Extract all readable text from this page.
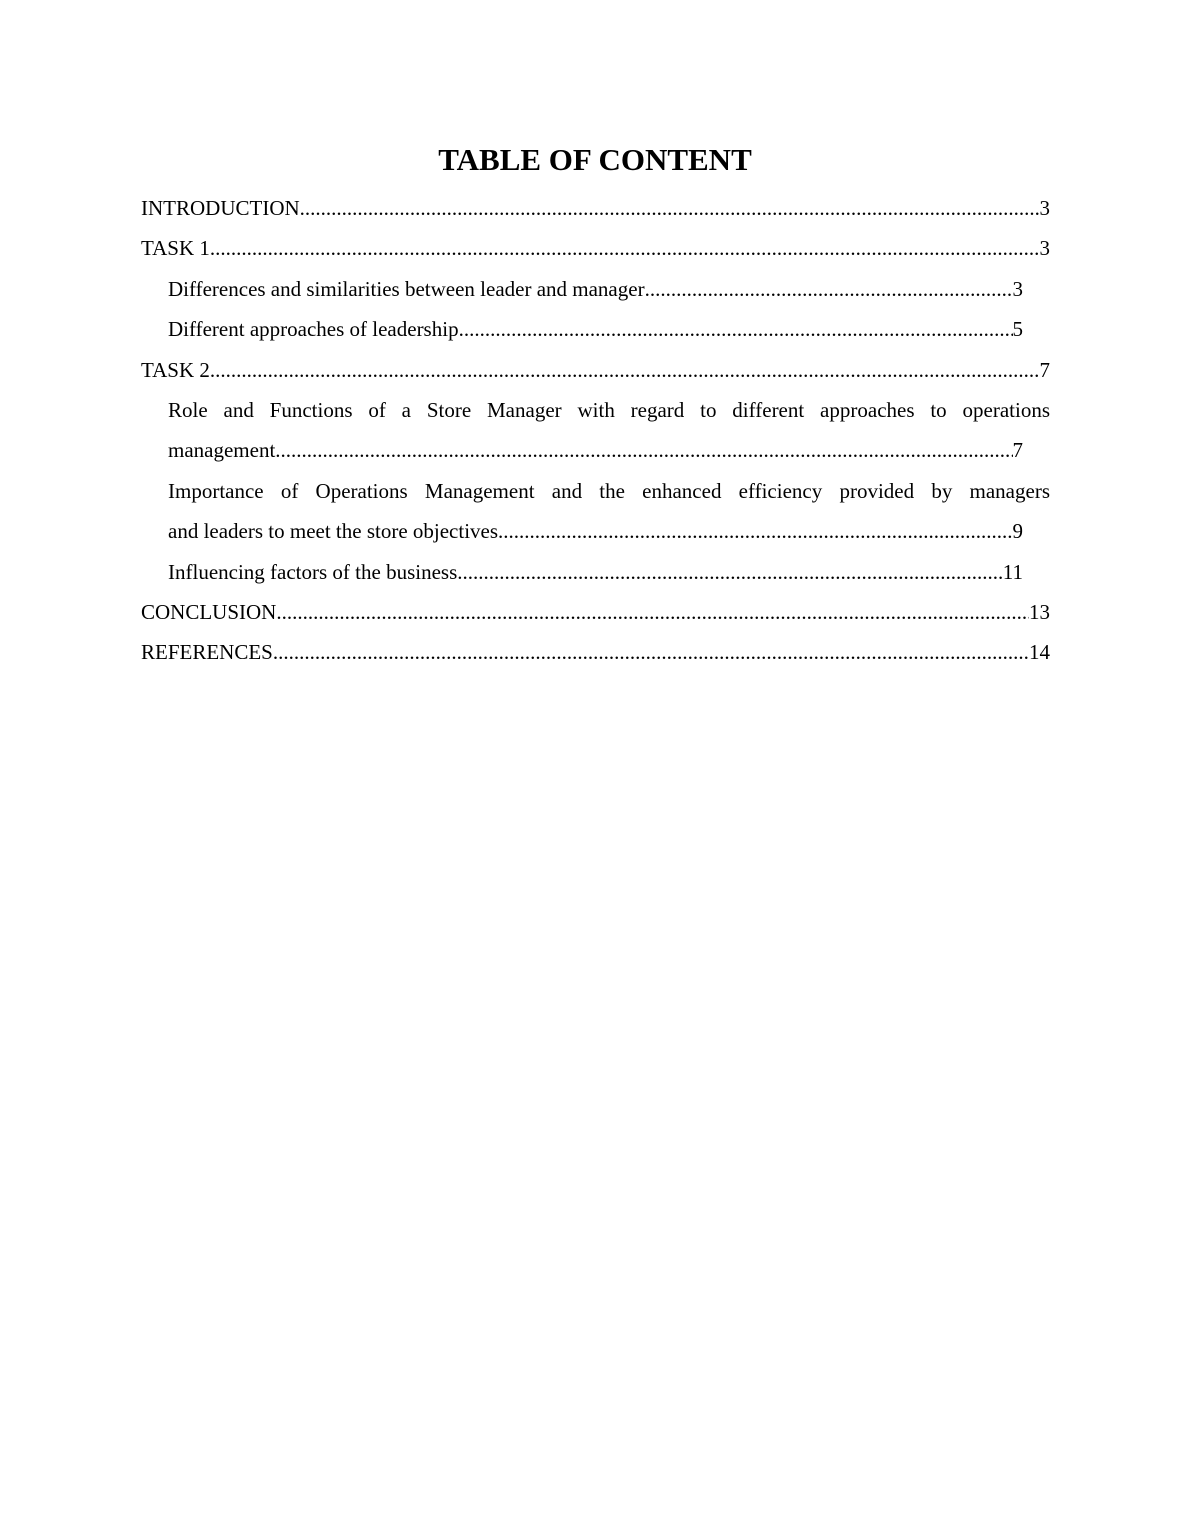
TABLE OF CONTENT
INTRODUCTION .....	3
TASK 1 .....	3
Differences and similarities between leader and manager .....	3
Different approaches of leadership .....	5
TASK 2 .....	7
Role and Functions of a Store Manager with regard to different approaches to operations
management .....	7
Importance of Operations Management and the enhanced efficiency provided by managers
and leaders to meet the store objectives .....	9
Influencing factors of the business .....	11
CONCLUSION .....	13
REFERENCES .....	14
